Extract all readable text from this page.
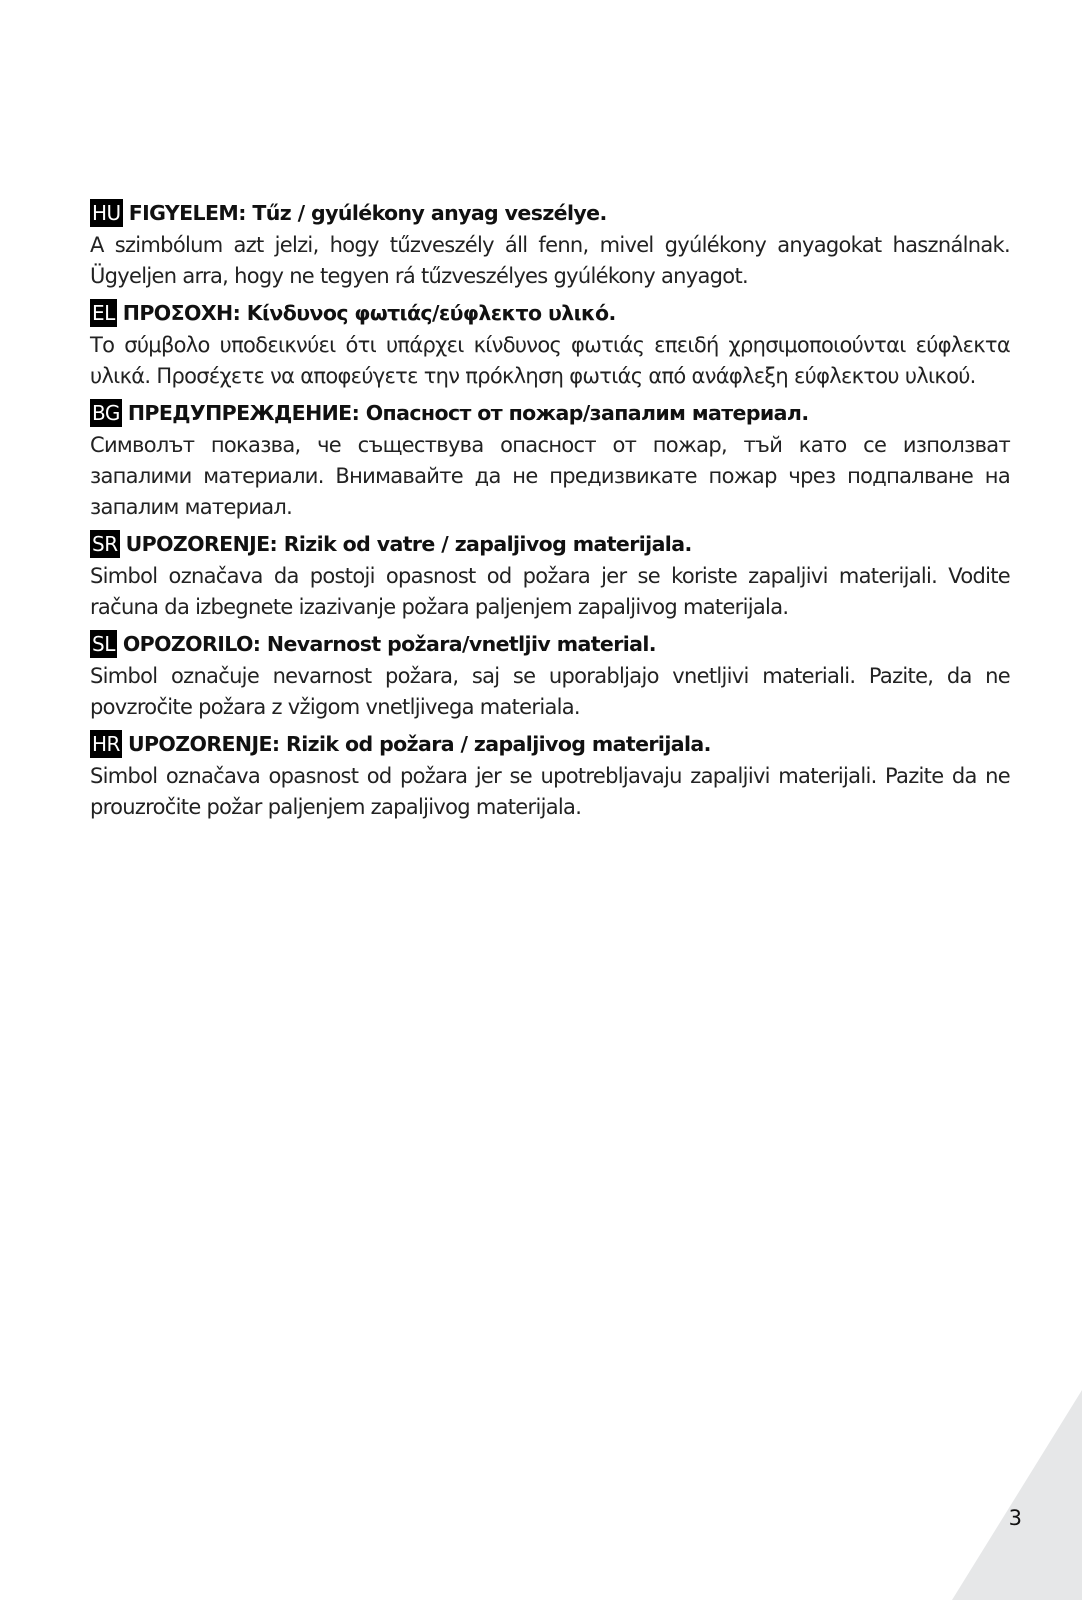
HU FIGYELEM: Tűz / gyúlékony anyag veszélye.

A szimbólum azt jelzi, hogy tűzveszély áll fenn, mivel gyúlékony anyagokat használnak. Ügyeljen arra, hogy ne tegyen rá tűzveszélyes gyúlékony anyagot.

EL ΠΡΟΣΟΧΗ: Κίνδυνος φωτιάς/εύφλεκτο υλικό.

Το σύμβολο υποδεικνύει ότι υπάρχει κίνδυνος φωτιάς επειδή χρησιμοποιούνται εύφλεκτα υλικά. Προσέχετε να αποφεύγετε την πρόκληση φωτιάς από ανάφλεξη εύφλεκτου υλικού.

BG ПРЕДУПРЕЖДЕНИЕ: Опасност от пожар/запалим материал.

Символът показва, че съществува опасност от пожар, тъй като се използват запалими материали. Внимавайте да не предизвикате пожар чрез подпалване на запалим материал.

SR UPOZORENJE: Rizik od vatre / zapaljivog materijala.

Simbol označava da postoji opasnost od požara jer se koriste zapaljivi materijali. Vodite računa da izbegnete izazivanje požara paljenjem zapaljivog materijala.

SL OPOZORILO: Nevarnost požara/vnetljiv material.

Simbol označuje nevarnost požara, saj se uporabljajo vnetljivi materiali. Pazite, da ne povzročite požara z vžigom vnetljivega materiala.

HR UPOZORENJE: Rizik od požara / zapaljivog materijala.

Simbol označava opasnost od požara jer se upotrebljavaju zapaljivi materijali. Pazite da ne prouzročite požar paljenjem zapaljivog materijala.

3
